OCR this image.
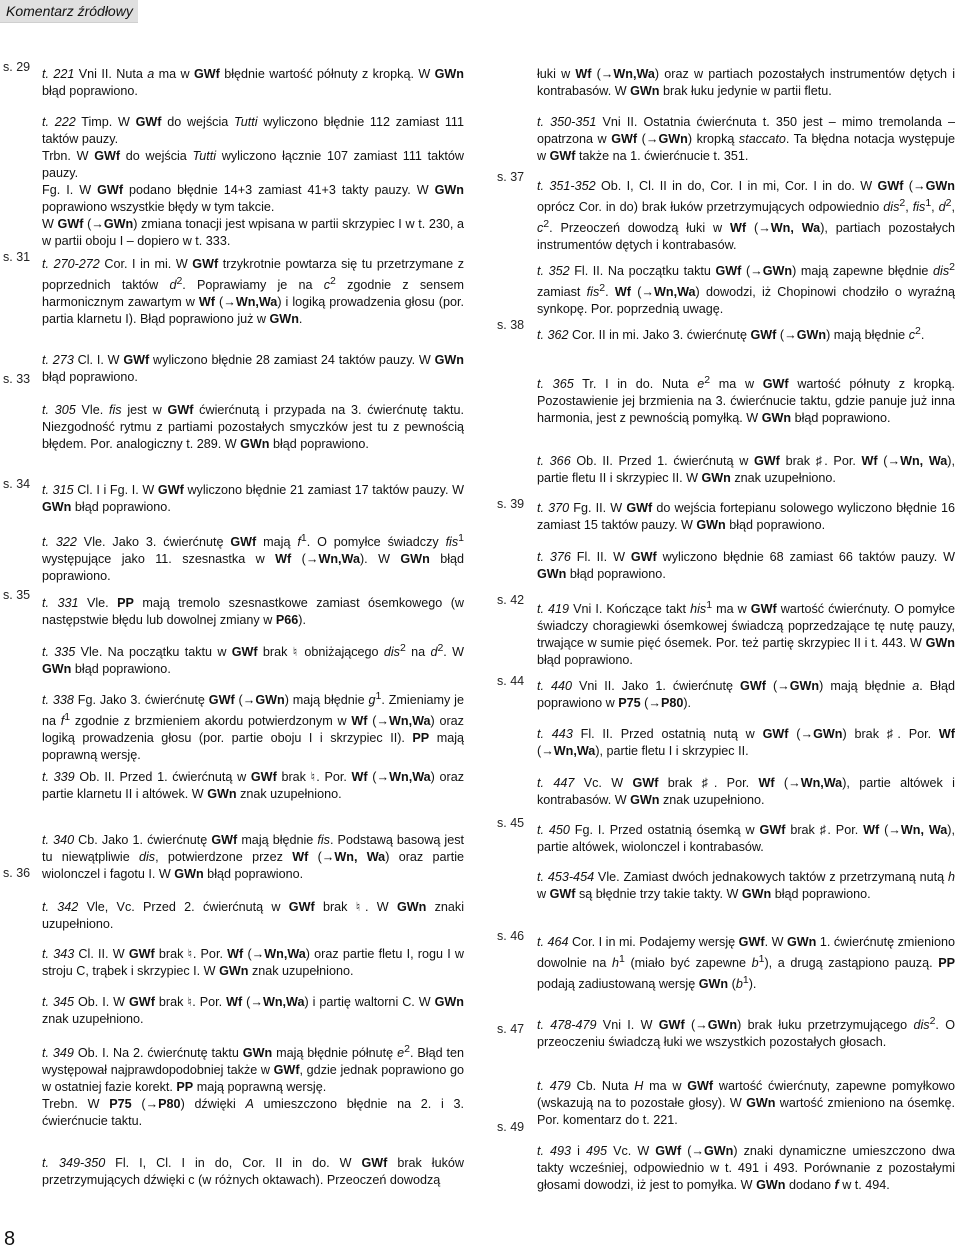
Komentarz źródłowy
s. 29
s. 31
s. 33
s. 34
s. 35
s. 36
s. 37
s. 38
s. 39
s. 42
s. 44
s. 45
s. 46
s. 47
s. 49
t. 221 Vni II. Nuta a ma w GWf błędnie wartość półnuty z kropką. W GWn błąd poprawiono.
t. 222 Timp. W GWf do wejścia Tutti wyliczono błędnie 112 zamiast 111 taktów pauzy.
Trbn. W GWf do wejścia Tutti wyliczono łącznie 107 zamiast 111 taktów pauzy.
Fg. I. W GWf podano błędnie 14+3 zamiast 41+3 takty pauzy. W GWn poprawiono wszystkie błędy w tym takcie.
W GWf (→GWn) zmiana tonacji jest wpisana w partii skrzypiec I w t. 230, a w partii oboju I – dopiero w t. 333.
t. 270-272 Cor. I in mi. W GWf trzykrotnie powtarza się tu przetrzymane z poprzednich taktów $d^2$. Poprawiamy je na $c^2$ zgodnie z sensem harmonicznym zawartym w Wf (→Wn,Wa) i logiką prowadzenia głosu (por. partia klarnetu I). Błąd poprawiono już w GWn.
t. 273 Cl. I. W GWf wyliczono błędnie 28 zamiast 24 taktów pauzy. W GWn błąd poprawiono.
t. 305 Vle. fis jest w GWf ćwierćnutą i przypada na 3. ćwierćnutę taktu. Niezgodność rytmu z partiami pozostałych smyczków jest tu z pewnością błędem. Por. analogiczny t. 289. W GWn błąd poprawiono.
t. 315 Cl. I i Fg. I. W GWf wyliczono błędnie 21 zamiast 17 taktów pauzy. W GWn błąd poprawiono.
t. 322 Vle. Jako 3. ćwierćnutę GWf mają $f^1$. O pomyłce świadczy fis$^1$ występujące jako 11. szesnastka w Wf (→Wn,Wa). W GWn błąd poprawiono.
t. 331 Vle. PP mają tremolo szesnastkowe zamiast ósemkowego (w następstwie błędu lub dowolnej zmiany w P66).
t. 335 Vle. Na początku taktu w GWf brak ♮ obniżającego dis$^2$ na $d^2$. W GWn błąd poprawiono.
t. 338 Fg. Jako 3. ćwierćnutę GWf (→GWn) mają błędnie $g^1$. Zmieniamy je na $f^1$ zgodnie z brzmieniem akordu potwierdzonym w Wf (→Wn,Wa) oraz logiką prowadzenia głosu (por. partie oboju I i skrzypiec II). PP mają poprawną wersję.
t. 339 Ob. II. Przed 1. ćwierćnutą w GWf brak ♮. Por. Wf (→Wn,Wa) oraz partie klarnetu II i altówek. W GWn znak uzupełniono.
t. 340 Cb. Jako 1. ćwierćnutę GWf mają błędnie fis. Podstawą basową jest tu niewątpliwie dis, potwierdzone przez Wf (→Wn, Wa) oraz partie wiolonczel i fagotu I. W GWn błąd poprawiono.
t. 342 Vle, Vc. Przed 2. ćwierćnutą w GWf brak ♮. W GWn znaki uzupełniono.
t. 343 Cl. II. W GWf brak ♮. Por. Wf (→Wn,Wa) oraz partie fletu I, rogu I w stroju C, trąbek i skrzypiec I. W GWn znak uzupełniono.
t. 345 Ob. I. W GWf brak ♮. Por. Wf (→Wn,Wa) i partię waltorni C. W GWn znak uzupełniono.
t. 349 Ob. I. Na 2. ćwierćnutę taktu GWn mają błędnie półnutę $e^2$. Błąd ten występował najprawdopodobniej także w GWf, gdzie jednak poprawiono go w ostatniej fazie korekt. PP mają poprawną wersję.
Trebn. W P75 (→P80) dźwięki A umieszczono błędnie na 2. i 3. ćwierćnucie taktu.
t. 349-350 Fl. I, Cl. I in do, Cor. II in do. W GWf brak łuków przetrzymujących dźwięki c (w różnych oktawach). Przeoczeń dowodzą
łuki w Wf (→Wn,Wa) oraz w partiach pozostałych instrumentów dętych i kontrabasów. W GWn brak łuku jedynie w partii fletu.
t. 350-351 Vni II. Ostatnia ćwierćnuta t. 350 jest – mimo tremolanda – opatrzona w GWf (→GWn) kropką staccato. Ta błędna notacja występuje w GWf także na 1. ćwierćnucie t. 351.
t. 351-352 Ob. I, Cl. II in do, Cor. I in mi, Cor. I in do. W GWf (→GWn oprócz Cor. in do) brak łuków przetrzymujących odpowiednio dis$^2$, fis$^1$, $d^2$, $c^2$. Przeoczeń dowodzą łuki w Wf (→Wn, Wa), partiach pozostałych instrumentów dętych i kontrabasów.
t. 352 Fl. II. Na początku taktu GWf (→GWn) mają zapewne błędnie dis$^2$ zamiast fis$^2$. Wf (→Wn,Wa) dowodzi, iż Chopinowi chodziło o wyraźną synkopę. Por. poprzednią uwagę.
t. 362 Cor. II in mi. Jako 3. ćwierćnutę GWf (→GWn) mają błędnie $c^2$.
t. 365 Tr. I in do. Nuta $e^2$ ma w GWf wartość półnuty z kropką. Pozostawienie jej brzmienia na 3. ćwierćnucie taktu, gdzie panuje już inna harmonia, jest z pewnością pomyłką. W GWn błąd poprawiono.
t. 366 Ob. II. Przed 1. ćwierćnutą w GWf brak ♯. Por. Wf (→Wn, Wa), partie fletu II i skrzypiec II. W GWn znak uzupełniono.
t. 370 Fg. II. W GWf do wejścia fortepianu solowego wyliczono błędnie 16 zamiast 15 taktów pauzy. W GWn błąd poprawiono.
t. 376 Fl. II. W GWf wyliczono błędnie 68 zamiast 66 taktów pauzy. W GWn błąd poprawiono.
t. 419 Vni I. Kończące takt his$^1$ ma w GWf wartość ćwierćnuty. O pomyłce świadczy choragiewki ósemkowej świadczą poprzedzające tę nutę pauzy, trwające w sumie pięć ósemek. Por. też partię skrzypiec II i t. 443. W GWn błąd poprawiono.
t. 440 Vni II. Jako 1. ćwierćnutę GWf (→GWn) mają błędnie a. Błąd poprawiono w P75 (→P80).
t. 443 Fl. II. Przed ostatnią nutą w GWf (→GWn) brak ♯. Por. Wf (→Wn,Wa), partie fletu I i skrzypiec II.
t. 447 Vc. W GWf brak ♯. Por. Wf (→Wn,Wa), partie altówek i kontrabasów. W GWn znak uzupełniono.
t. 450 Fg. I. Przed ostatnią ósemką w GWf brak ♯. Por. Wf (→Wn, Wa), partie altówek, wiolonczel i kontrabasów.
t. 453-454 Vle. Zamiast dwóch jednakowych taktów z przetrzymaną nutą h w GWf są błędnie trzy takie takty. W GWn błąd poprawiono.
t. 464 Cor. I in mi. Podajemy wersję GWf. W GWn 1. ćwierćnutę zmieniono dowolnie na $h^1$ (miało być zapewne $b^1$), a drugą zastąpiono pauzą. PP podają zadiustowaną wersję GWn $(b^1)$.
t. 478-479 Vni I. W GWf (→GWn) brak łuku przetrzymującego dis$^2$. O przeoczeniu świadczą łuki we wszystkich pozostałych głosach.
t. 479 Cb. Nuta H ma w GWf wartość ćwierćnuty, zapewne pomyłkowo (wskazują na to pozostałe głosy). W GWn wartość zmieniono na ósemkę. Por. komentarz do t. 221.
t. 493 i 495 Vc. W GWf (→GWn) znaki dynamiczne umieszczono dwa takty wcześniej, odpowiednio w t. 491 i 493. Porównanie z pozostałymi głosami dowodzi, iż jest to pomyłka. W GWn dodano f w t. 494.
8
